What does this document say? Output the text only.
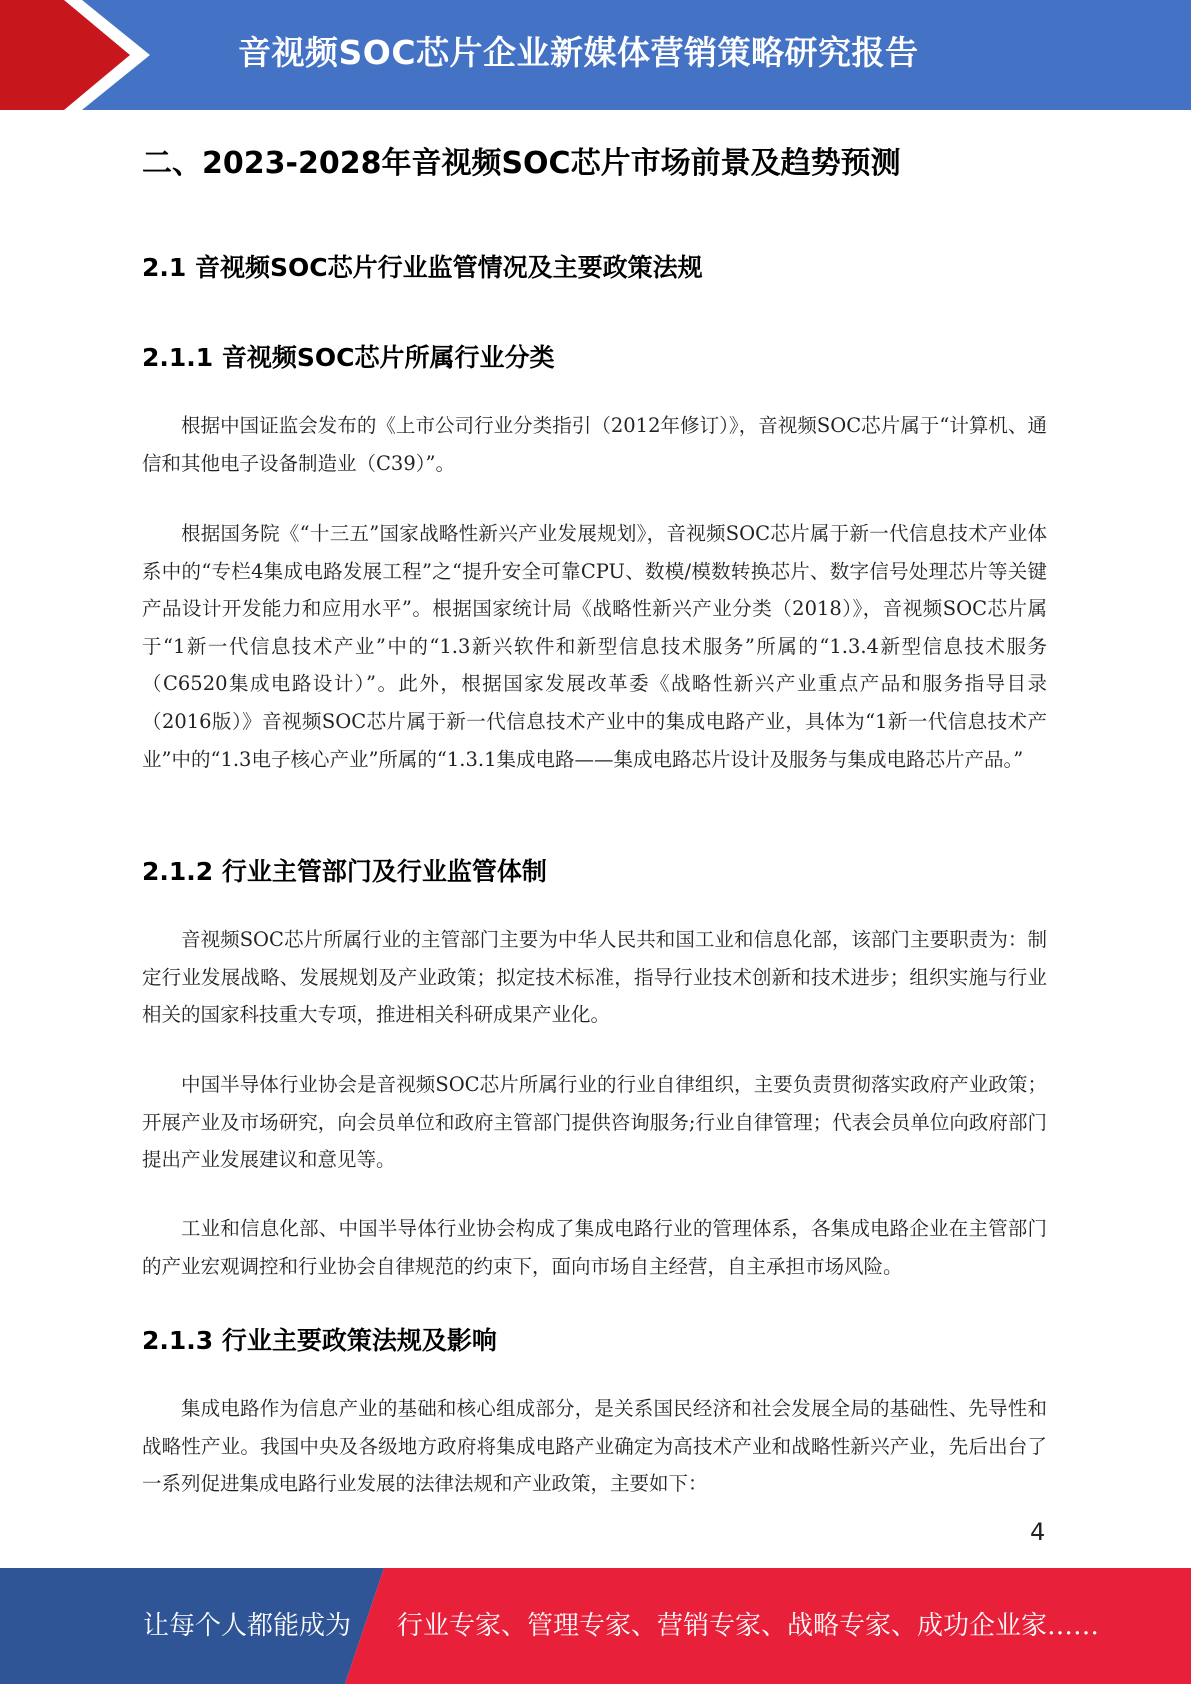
音视频SOC芯片企业新媒体营销策略研究报告
二、2023-2028年音视频SOC芯片市场前景及趋势预测
2.1 音视频SOC芯片行业监管情况及主要政策法规
2.1.1 音视频SOC芯片所属行业分类

根据中国证监会发布的《上市公司行业分类指引（2012年修订）》，音视频SOC芯片属于“计算机、通信和其他电子设备制造业（C39）”。

根据国务院《“十三五”国家战略性新兴产业发展规划》，音视频SOC芯片属于新一代信息技术产业体系中的“专栏4集成电路发展工程”之“提升安全可靠CPU、数模/模数转换芯片、数字信号处理芯片等关键产品设计开发能力和应用水平”。根据国家统计局《战略性新兴产业分类（2018）》，音视频SOC芯片属于“1新一代信息技术产业”中的“1.3新兴软件和新型信息技术服务”所属的“1.3.4新型信息技术服务（C6520集成电路设计）”。此外，根据国家发展改革委《战略性新兴产业重点产品和服务指导目录（2016版）》音视频SOC芯片属于新一代信息技术产业中的集成电路产业，具体为“1新一代信息技术产业”中的“1.3电子核心产业”所属的“1.3.1集成电路——集成电路芯片设计及服务与集成电路芯片产品。”

2.1.2 行业主管部门及行业监管体制

音视频SOC芯片所属行业的主管部门主要为中华人民共和国工业和信息化部，该部门主要职责为：制定行业发展战略、发展规划及产业政策；拟定技术标准，指导行业技术创新和技术进步；组织实施与行业相关的国家科技重大专项，推进相关科研成果产业化。

中国半导体行业协会是音视频SOC芯片所属行业的行业自律组织，主要负责贯彻落实政府产业政策；开展产业及市场研究，向会员单位和政府主管部门提供咨询服务;行业自律管理；代表会员单位向政府部门提出产业发展建议和意见等。

工业和信息化部、中国半导体行业协会构成了集成电路行业的管理体系，各集成电路企业在主管部门的产业宏观调控和行业协会自律规范的约束下，面向市场自主经营，自主承担市场风险。

2.1.3 行业主要政策法规及影响

集成电路作为信息产业的基础和核心组成部分，是关系国民经济和社会发展全局的基础性、先导性和战略性产业。我国中央及各级地方政府将集成电路产业确定为高技术产业和战略性新兴产业，先后出台了一系列促进集成电路行业发展的法律法规和产业政策，主要如下：

4
让每个人都能成为 行业专家、管理专家、营销专家、战略专家、成功企业家……
